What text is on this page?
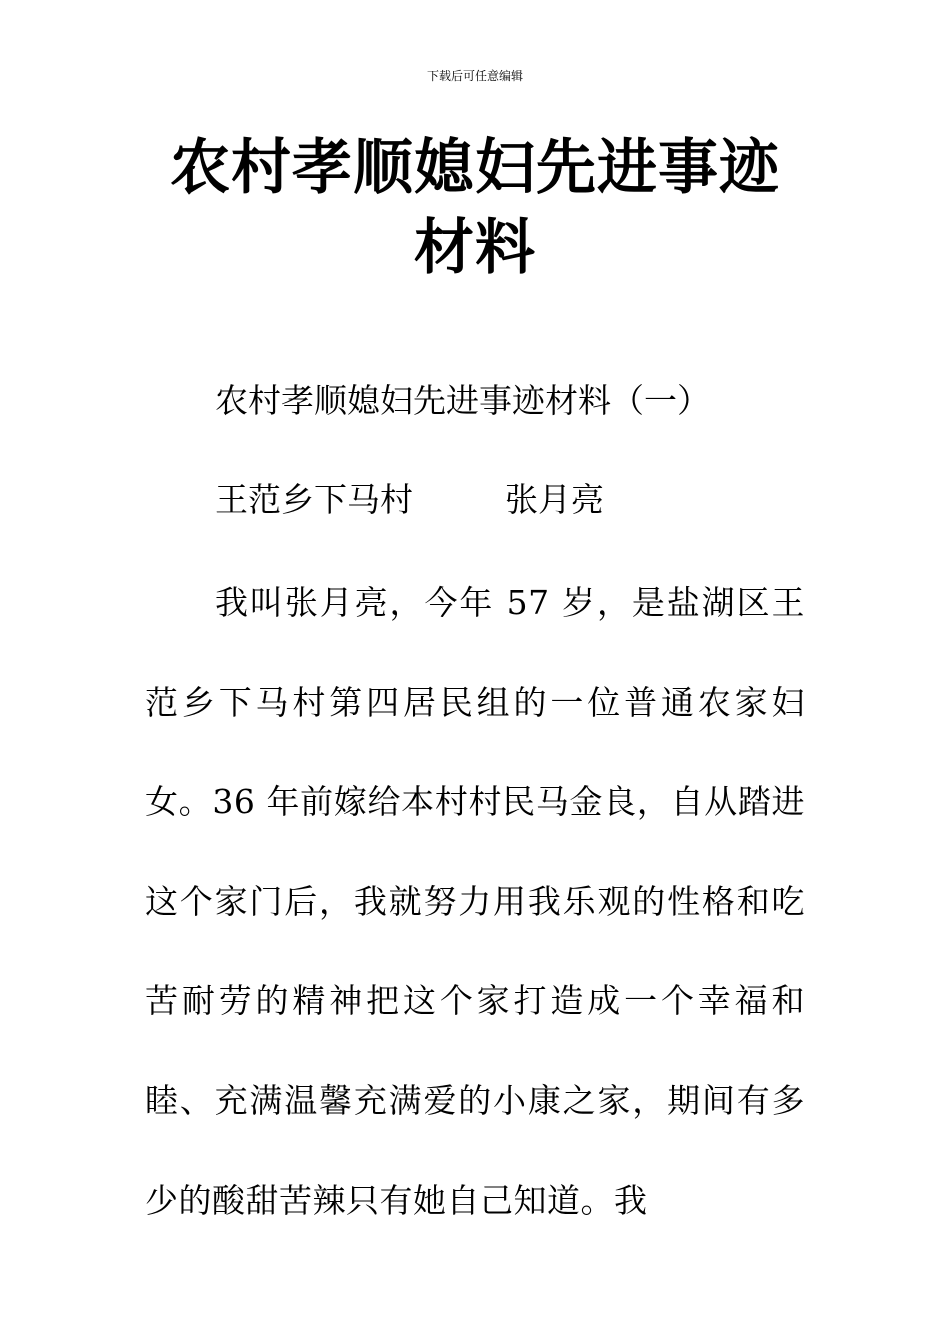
下载后可任意编辑
农村孝顺媳妇先进事迹材料
农村孝顺媳妇先进事迹材料（一）
王范乡下马村	张月亮

我叫张月亮，今年 57 岁，是盐湖区王范乡下马村第四居民组的一位普通农家妇女。36 年前嫁给本村村民马金良，自从踏进这个家门后，我就努力用我乐观的性格和吃苦耐劳的精神把这个家打造成一个幸福和睦、充满温馨充满爱的小康之家，期间有多少的酸甜苦辣只有她自己知道。我
